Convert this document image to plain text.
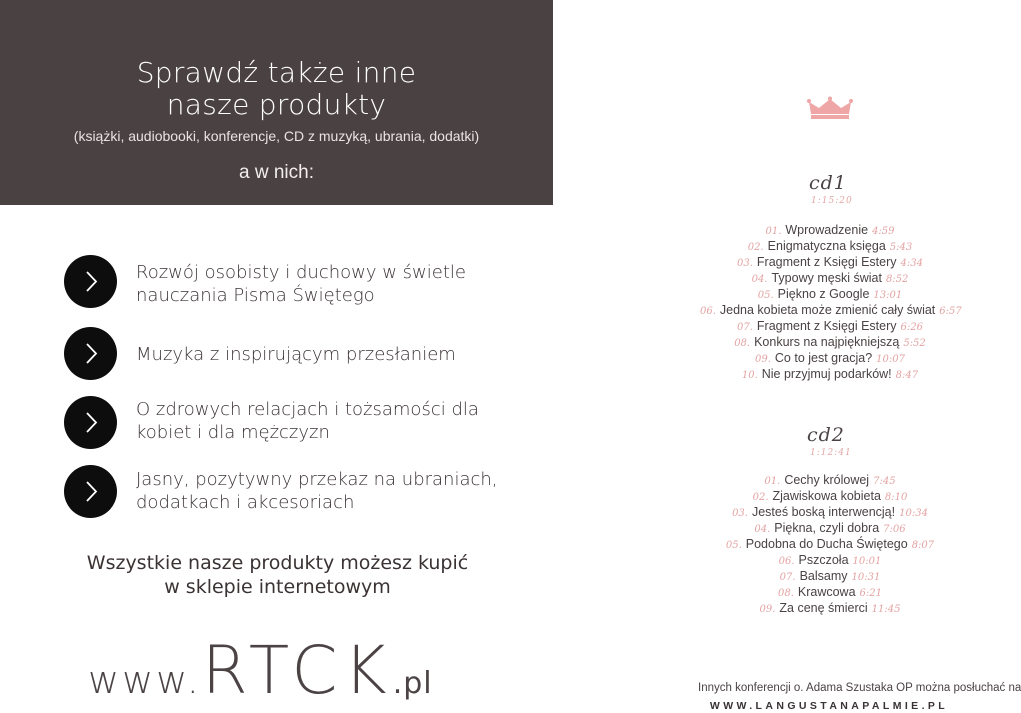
Sprawdź także inne
nasze produkty
(książki, audiobooki, konferencje, CD z muzyką, ubrania, dodatki)
a w nich:
Rozwój osobisty i duchowy w świetle
nauczania Pisma Świętego
Muzyka z inspirującym przesłaniem
O zdrowych relacjach i tożsamości dla
kobiet i dla mężczyzn
Jasny, pozytywny przekaz na ubraniach,
dodatkach i akcesoriach
Wszystkie nasze produkty możesz kupić
w sklepie internetowym
www.RTCK.pl
cd1
1:15:20
01. Wprowadzenie 4:59
02. Enigmatyczna księga 5:43
03. Fragment z Księgi Estery 4:34
04. Typowy męski świat 8:52
05. Piękno z Google 13:01
06. Jedna kobieta może zmienić cały świat 6:57
07. Fragment z Księgi Estery 6:26
08. Konkurs na najpiękniejszą 5:52
09. Co to jest gracja? 10:07
10. Nie przyjmuj podarków! 8:47
cd2
1:12:41
01. Cechy królowej 7:45
02. Zjawiskowa kobieta 8:10
03. Jesteś boską interwencją! 10:34
04. Piękna, czyli dobra 7:06
05. Podobna do Ducha Świętego 8:07
06. Pszczoła 10:01
07. Balsamy 10:31
08. Krawcowa 6:21
09. Za cenę śmierci 11:45
Innych konferencji o. Adama Szustaka OP można posłuchać na
WWW.LANGUSTANAPALMIE.PL
